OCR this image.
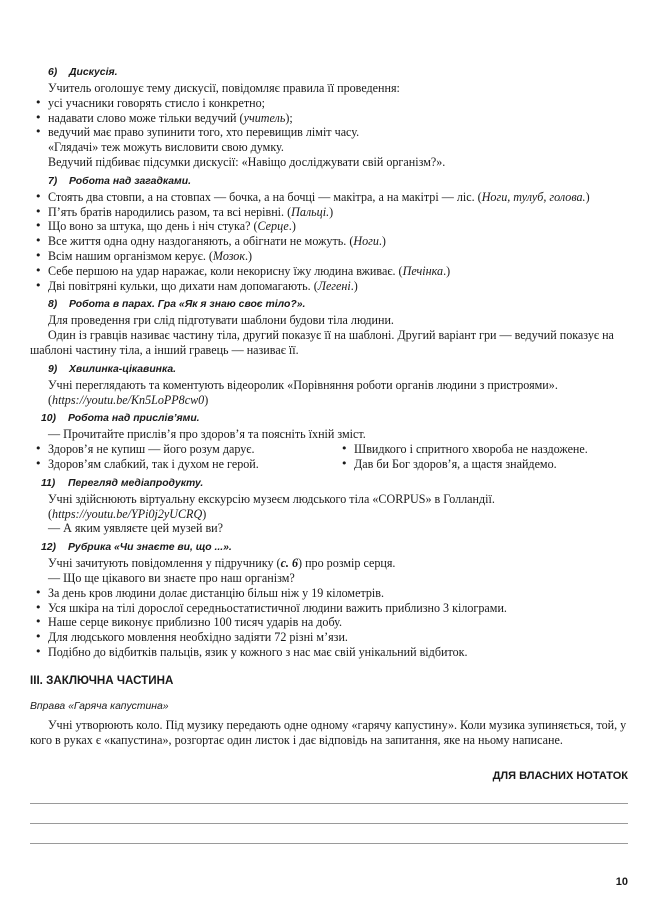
6) Дискусія.

Учитель оголошує тему дискусії, повідомляє правила її проведення:

• усі учасники говорять стисло і конкретно;
• надавати слово може тільки ведучий (учитель);
• ведучий має право зупинити того, хто перевищив ліміт часу.

«Глядачі» теж можуть висловити свою думку.

Ведучий підбиває підсумки дискусії: «Навіщо досліджувати свій організм?».

7) Робота над загадками.
• Стоять два стовпи, а на стовпах — бочка, а на бочці — макітра, а на макітрі — ліс. (Ноги, тулуб, голова.)
• П’ять братів народились разом, та всі нерівні. (Пальці.)
• Що воно за штука, що день і ніч стука? (Серце.)
• Все життя одна одну наздоганяють, а обігнати не можуть. (Ноги.)
• Всім нашим організмом керує. (Мозок.)
• Себе першою на удар наражає, коли некорисну їжу людина вживає. (Печінка.)
• Дві повітряні кульки, що дихати нам допомагають. (Легені.)
8) Робота в парах. Гра «Як я знаю своє тіло?».

Для проведення гри слід підготувати шаблони будови тіла людини.

Один із гравців називає частину тіла, другий показує її на шаблоні. Другий варіант гри — ведучий показує на шаблоні частину тіла, а інший гравець — називає її.

9) Хвилинка-цікавинка.

Учні переглядають та коментують відеоролик «Порівняння роботи органів людини з пристроями».

(https://youtu.be/Kn5LoPP8cw0)

10) Робота над прислів’ями.

— Прочитайте прислів’я про здоров’я та поясніть їхній зміст.

• Здоров’я не купиш — його розум дарує.
• Здоров’ям слабкий, так і духом не герой.
• Швидкого і спритного хвороба не наздожене.
• Дав би Бог здоров’я, а щастя знайдемо.
11) Перегляд медіапродукту.

Учні здійснюють віртуальну екскурсію музеєм людського тіла «CORPUS» в Голландії.

(https://youtu.be/YPi0j2yUCRQ)

— А яким уявляєте цей музей ви?

12) Рубрика «Чи знаєте ви, що ...».

Учні зачитують повідомлення у підручнику (с. 6) про розмір серця.

— Що ще цікавого ви знаєте про наш організм?

• За день кров людини долає дистанцію більш ніж у 19 кілометрів.
• Уся шкіра на тілі дорослої середньостатистичної людини важить приблизно 3 кілограми.
• Наше серце виконує приблизно 100 тисяч ударів на добу.
• Для людського мовлення необхідно задіяти 72 різні м’язи.
• Подібно до відбитків пальців, язик у кожного з нас має свій унікальний відбиток.
ІІІ. ЗАКЛЮЧНА ЧАСТИНА
Вправа «Гаряча капустина»

Учні утворюють коло. Під музику передають одне одному «гарячу капустину». Коли музика зупиняється, той, у кого в руках є «капустина», розгортає один листок і дає відповідь на запитання, яке на ньому написане.

ДЛЯ ВЛАСНИХ НОТАТОК
10
